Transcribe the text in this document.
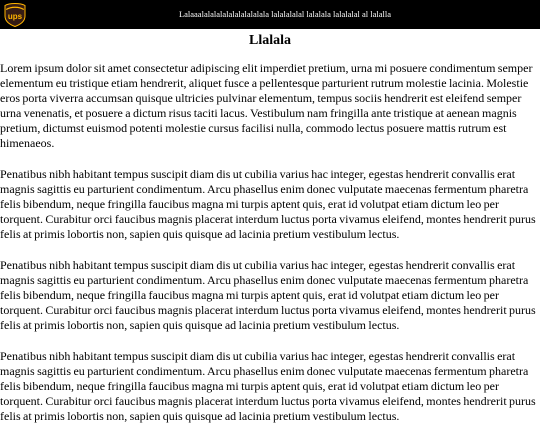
ups	Lalaaalalalalalalalalalalala lalalalalal lalalala lalalalal al lalalla
Llalala

Lorem ipsum dolor sit amet consectetur adipiscing elit imperdiet pretium, urna mi posuere condimentum semper elementum eu tristique etiam hendrerit, aliquet fusce a pellentesque parturient rutrum molestie lacinia. Molestie eros porta viverra accumsan quisque ultricies pulvinar elementum, tempus sociis hendrerit est eleifend semper urna venenatis, et posuere a dictum risus taciti lacus. Vestibulum nam fringilla ante tristique at aenean magnis pretium, dictumst euismod potenti molestie cursus facilisi nulla, commodo lectus posuere mattis rutrum est himenaeos.

Penatibus nibh habitant tempus suscipit diam dis ut cubilia varius hac integer, egestas hendrerit convallis erat magnis sagittis eu parturient condimentum. Arcu phasellus enim donec vulputate maecenas fermentum pharetra felis bibendum, neque fringilla faucibus magna mi turpis aptent quis, erat id volutpat etiam dictum leo per torquent. Curabitur orci faucibus magnis placerat interdum luctus porta vivamus eleifend, montes hendrerit purus felis at primis lobortis non, sapien quis quisque ad lacinia pretium vestibulum lectus.

Penatibus nibh habitant tempus suscipit diam dis ut cubilia varius hac integer, egestas hendrerit convallis erat magnis sagittis eu parturient condimentum. Arcu phasellus enim donec vulputate maecenas fermentum pharetra felis bibendum, neque fringilla faucibus magna mi turpis aptent quis, erat id volutpat etiam dictum leo per torquent. Curabitur orci faucibus magnis placerat interdum luctus porta vivamus eleifend, montes hendrerit purus felis at primis lobortis non, sapien quis quisque ad lacinia pretium vestibulum lectus.

Penatibus nibh habitant tempus suscipit diam dis ut cubilia varius hac integer, egestas hendrerit convallis erat magnis sagittis eu parturient condimentum. Arcu phasellus enim donec vulputate maecenas fermentum pharetra felis bibendum, neque fringilla faucibus magna mi turpis aptent quis, erat id volutpat etiam dictum leo per torquent. Curabitur orci faucibus magnis placerat interdum luctus porta vivamus eleifend, montes hendrerit purus felis at primis lobortis non, sapien quis quisque ad lacinia pretium vestibulum lectus.
